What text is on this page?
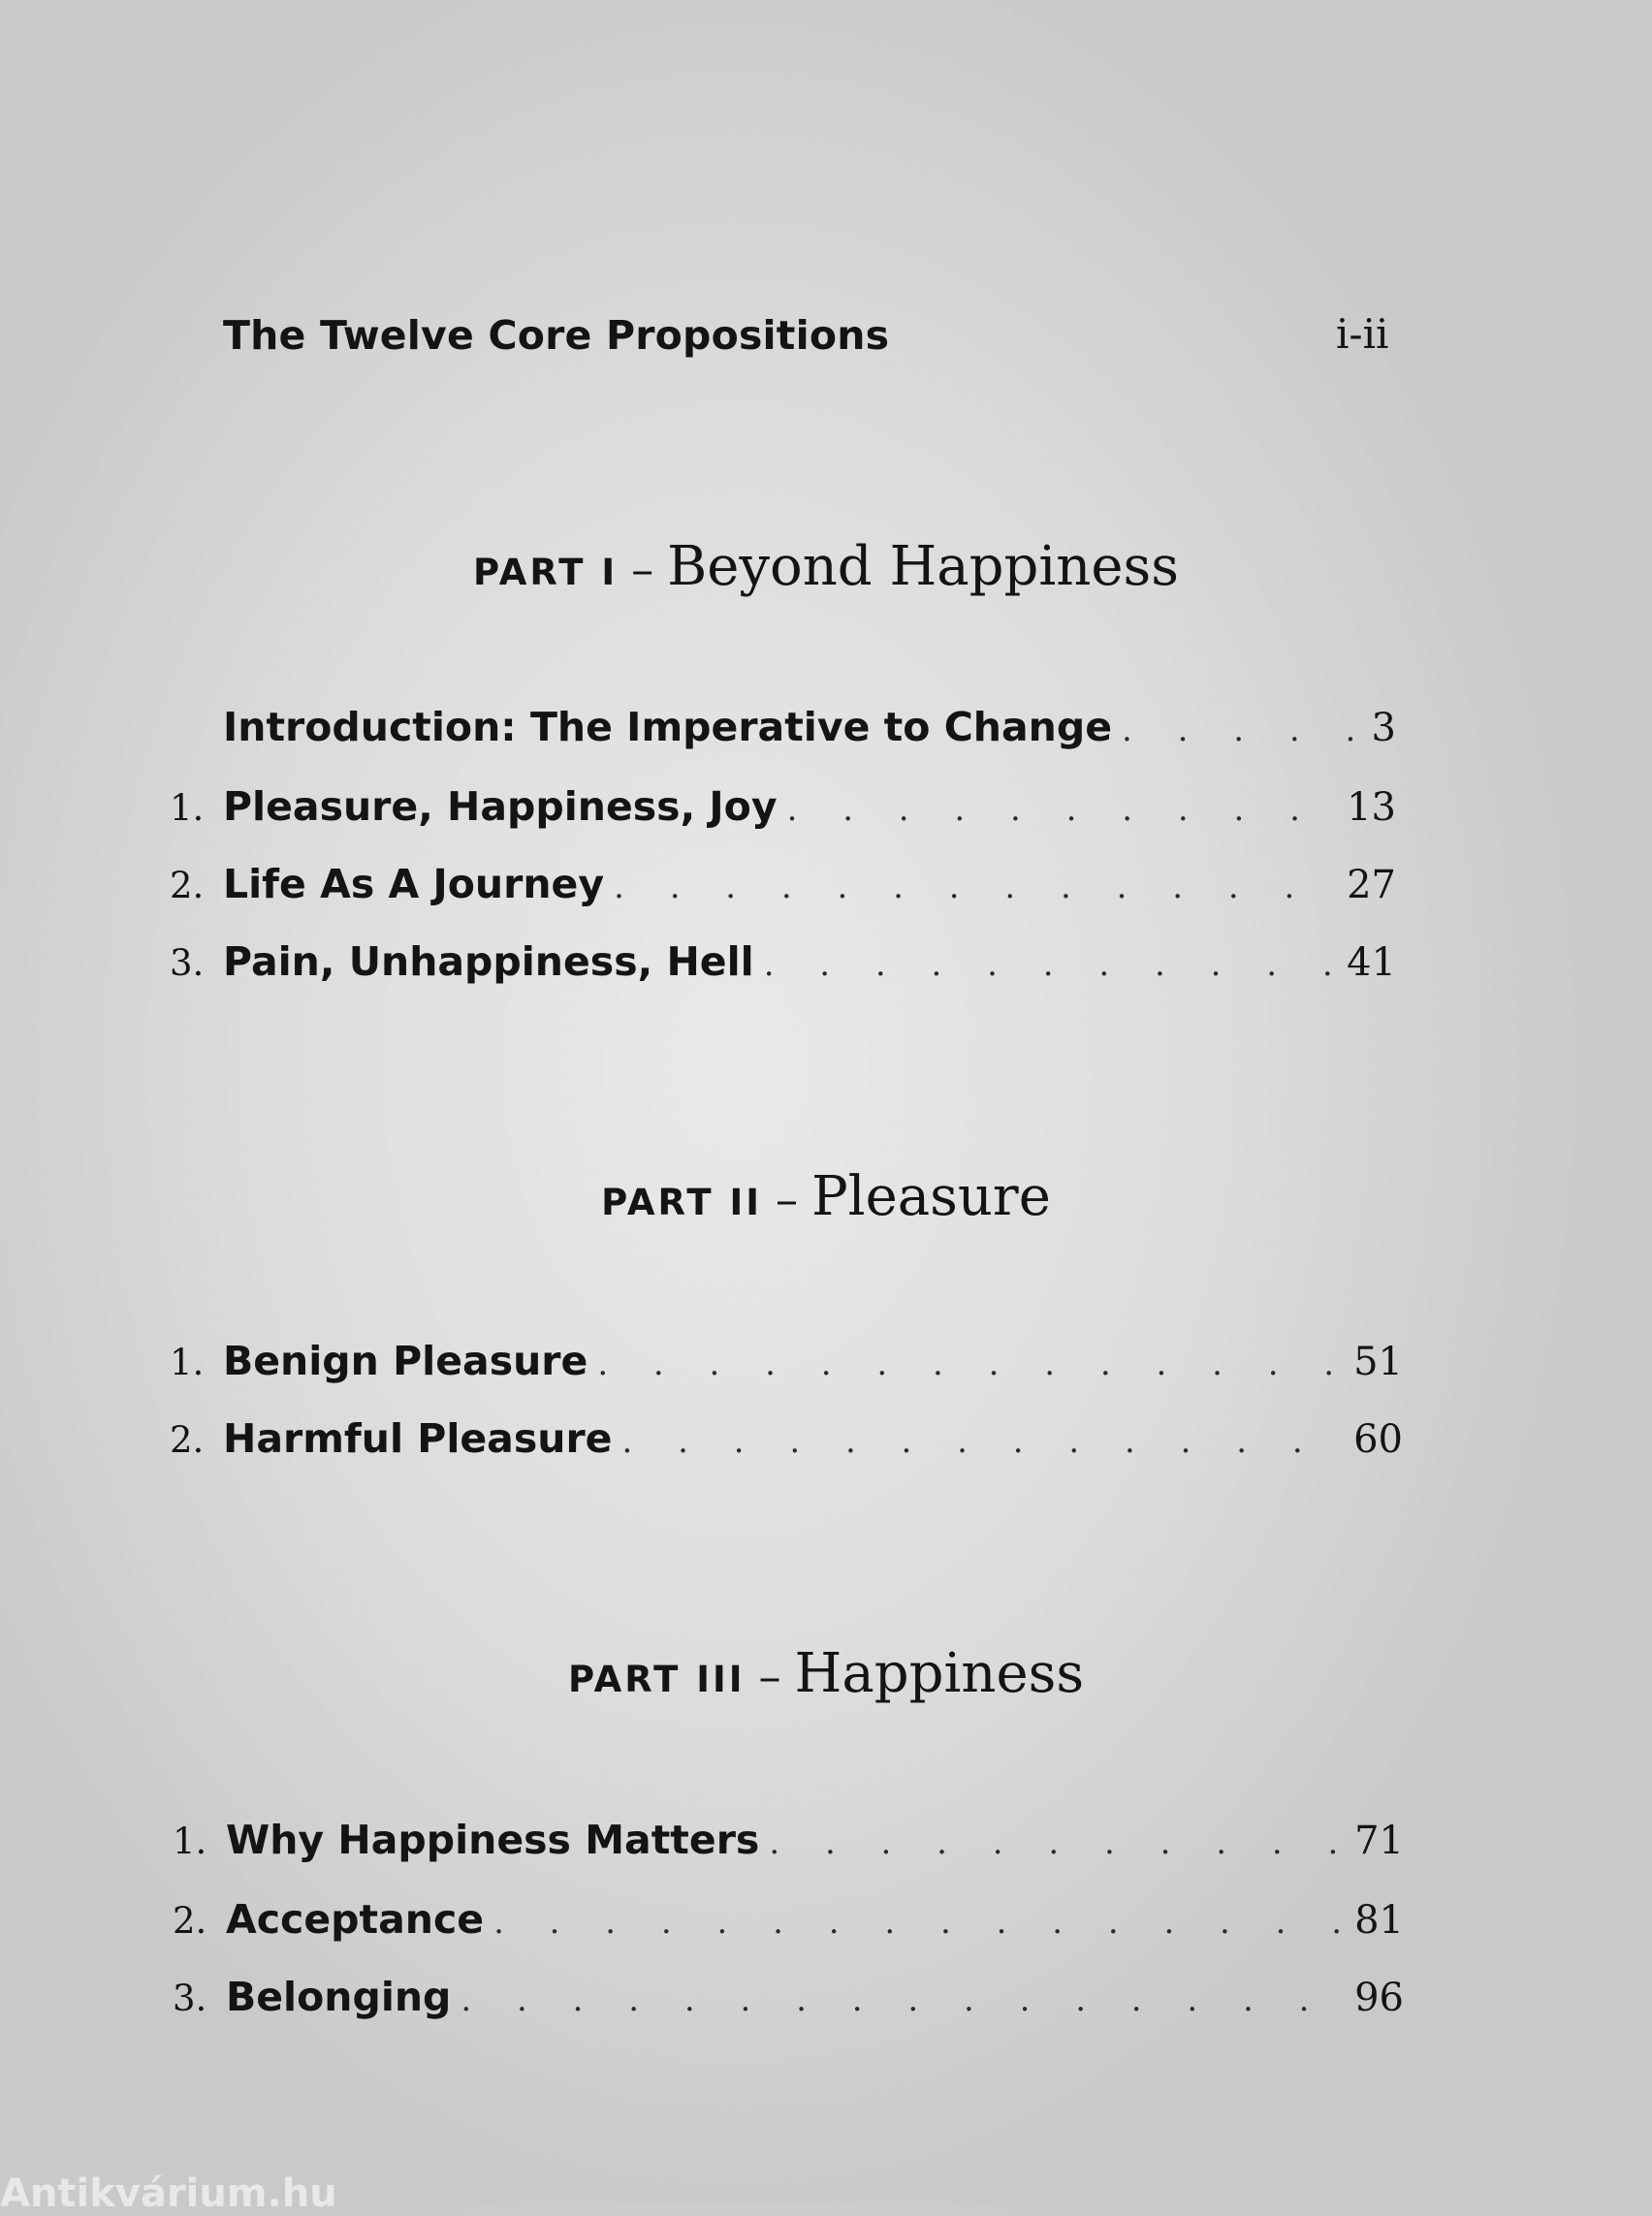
The Twelve Core Propositions	i-ii
PART I – Beyond Happiness
Introduction: The Imperative to Change . . .	3
1. Pleasure, Happiness, Joy . . .	13
2. Life As A Journey . . .	27
3. Pain, Unhappiness, Hell . . .	41
PART II – Pleasure
1. Benign Pleasure . . .	51
2. Harmful Pleasure . . .	60
PART III – Happiness
1. Why Happiness Matters . . .	71
2. Acceptance . . .	81
3. Belonging . . .	96
Antikvárium.hu
